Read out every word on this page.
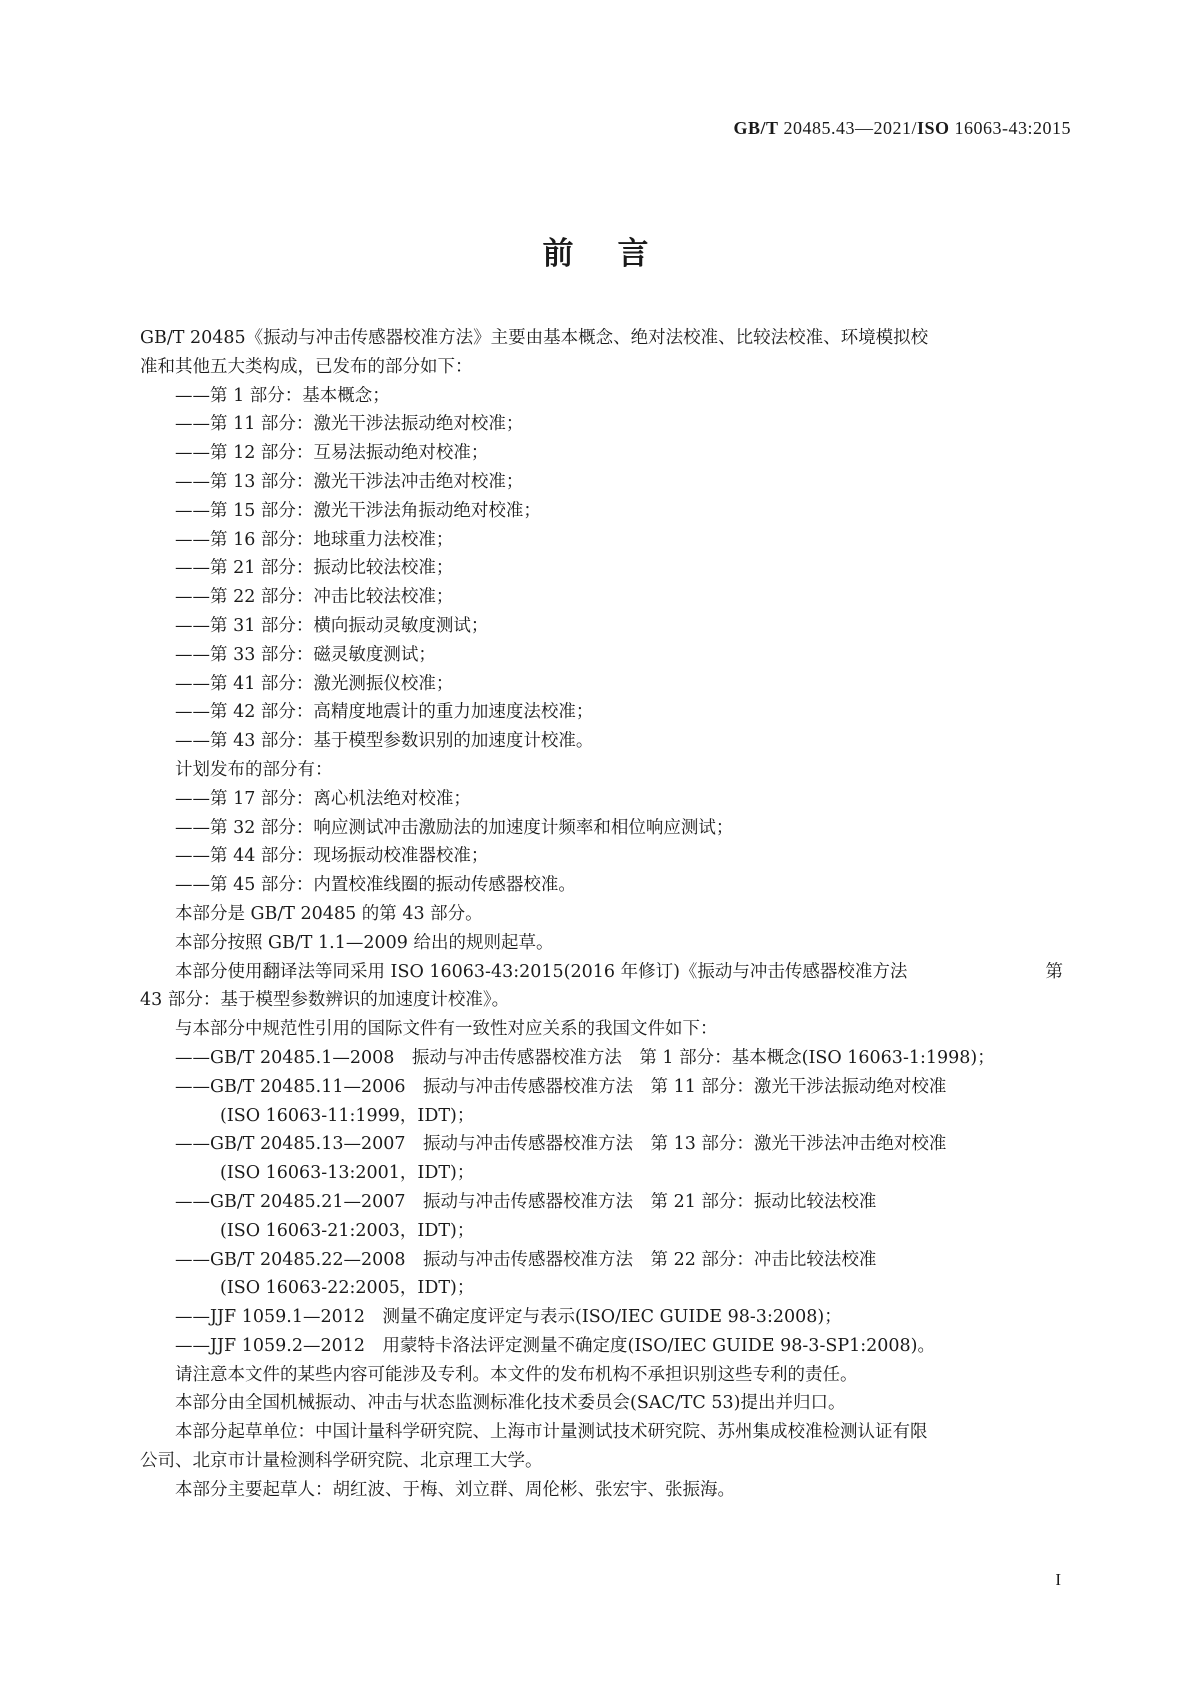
GB/T 20485.43—2021/ISO 16063-43:2015
前言
GB/T 20485《振动与冲击传感器校准方法》主要由基本概念、绝对法校准、比较法校准、环境模拟校
准和其他五大类构成，已发布的部分如下：
——第 1 部分：基本概念；
——第 11 部分：激光干涉法振动绝对校准；
——第 12 部分：互易法振动绝对校准；
——第 13 部分：激光干涉法冲击绝对校准；
——第 15 部分：激光干涉法角振动绝对校准；
——第 16 部分：地球重力法校准；
——第 21 部分：振动比较法校准；
——第 22 部分：冲击比较法校准；
——第 31 部分：横向振动灵敏度测试；
——第 33 部分：磁灵敏度测试；
——第 41 部分：激光测振仪校准；
——第 42 部分：高精度地震计的重力加速度法校准；
——第 43 部分：基于模型参数识别的加速度计校准。
计划发布的部分有：
——第 17 部分：离心机法绝对校准；
——第 32 部分：响应测试冲击激励法的加速度计频率和相位响应测试；
——第 44 部分：现场振动校准器校准；
——第 45 部分：内置校准线圈的振动传感器校准。
本部分是 GB/T 20485 的第 43 部分。
本部分按照 GB/T 1.1—2009 给出的规则起草。
本部分使用翻译法等同采用 ISO 16063-43:2015(2016 年修订)《振动与冲击传感器校准方法	第
43 部分：基于模型参数辨识的加速度计校准》。
与本部分中规范性引用的国际文件有一致性对应关系的我国文件如下：
——GB/T 20485.1—2008　振动与冲击传感器校准方法　第 1 部分：基本概念(ISO 16063-1:1998)；
——GB/T 20485.11—2006　振动与冲击传感器校准方法　第 11 部分：激光干涉法振动绝对校准
(ISO 16063-11:1999，IDT)；
——GB/T 20485.13—2007　振动与冲击传感器校准方法　第 13 部分：激光干涉法冲击绝对校准
(ISO 16063-13:2001，IDT)；
——GB/T 20485.21—2007　振动与冲击传感器校准方法　第 21 部分：振动比较法校准
(ISO 16063-21:2003，IDT)；
——GB/T 20485.22—2008　振动与冲击传感器校准方法　第 22 部分：冲击比较法校准
(ISO 16063-22:2005，IDT)；
——JJF 1059.1—2012　测量不确定度评定与表示(ISO/IEC GUIDE 98-3:2008)；
——JJF 1059.2—2012　用蒙特卡洛法评定测量不确定度(ISO/IEC GUIDE 98-3-SP1:2008)。
请注意本文件的某些内容可能涉及专利。本文件的发布机构不承担识别这些专利的责任。
本部分由全国机械振动、冲击与状态监测标准化技术委员会(SAC/TC 53)提出并归口。
本部分起草单位：中国计量科学研究院、上海市计量测试技术研究院、苏州集成校准检测认证有限
公司、北京市计量检测科学研究院、北京理工大学。
本部分主要起草人：胡红波、于梅、刘立群、周伦彬、张宏宇、张振海。
I
